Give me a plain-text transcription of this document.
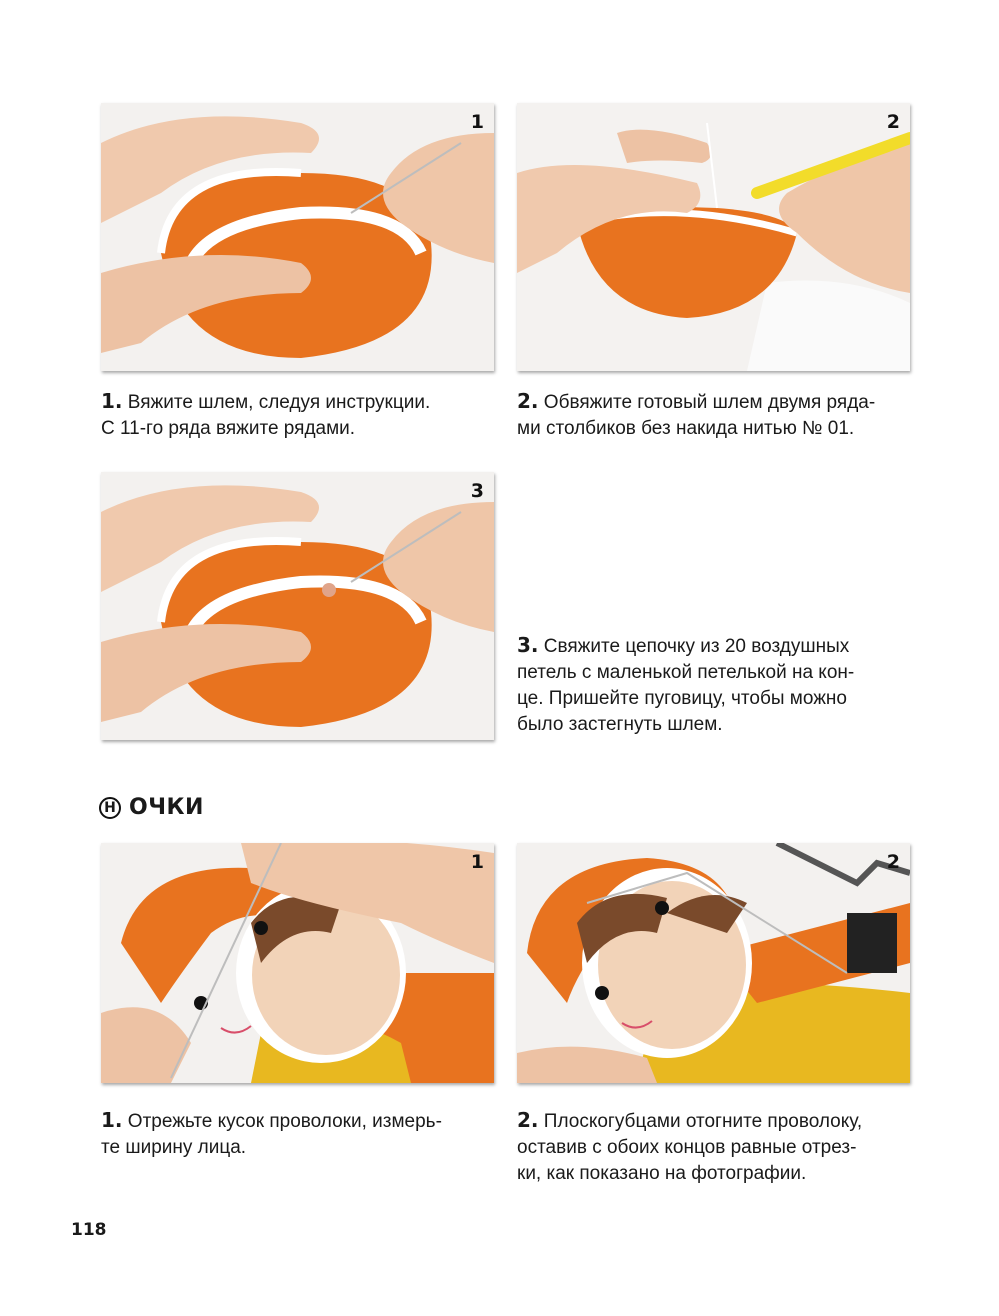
1	2

1. Вяжите шлем, следуя инструкции.
С 11-го ряда вяжите рядами.

2. Обвяжите готовый шлем двумя ряда-
ми столбиков без накида нитью № 01.

3

3. Свяжите цепочку из 20 воздушных
петель с маленькой петелькой на кон-
це. Пришейте пуговицу, чтобы можно
было застегнуть шлем.

Н ОЧКИ
1	2

1. Отрежьте кусок проволоки, измерь-
те ширину лица.

2. Плоскогубцами отогните проволоку,
оставив с обоих концов равные отрез-
ки, как показано на фотографии.

118
